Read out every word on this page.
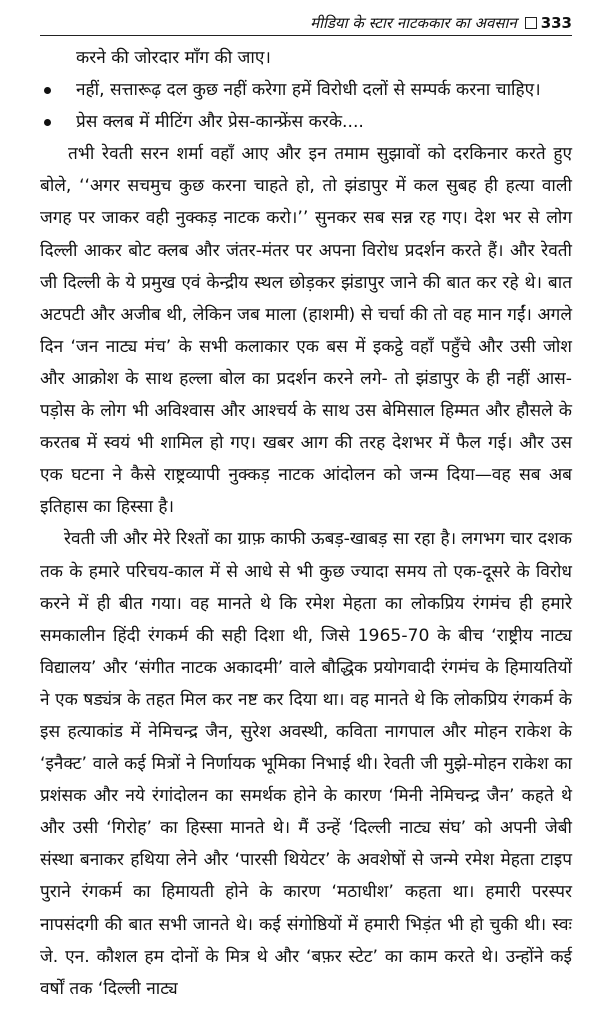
मीडिया के स्टार नाटककार का अवसान 333
करने की जोरदार माँग की जाए।
नहीं, सत्तारूढ़ दल कुछ नहीं करेगा हमें विरोधी दलों से सम्पर्क करना चाहिए।
प्रेस क्लब में मीटिंग और प्रेस-कान्फ्रेंस करके....

तभी रेवती सरन शर्मा वहाँ आए और इन तमाम सुझावों को दरकिनार करते हुए बोले, ‘‘अगर सचमुच कुछ करना चाहते हो, तो झंडापुर में कल सुबह ही हत्या वाली जगह पर जाकर वही नुक्कड़ नाटक करो।’’ सुनकर सब सन्न रह गए। देश भर से लोग दिल्ली आकर बोट क्लब और जंतर-मंतर पर अपना विरोध प्रदर्शन करते हैं। और रेवती जी दिल्ली के ये प्रमुख एवं केन्द्रीय स्थल छोड़कर झंडापुर जाने की बात कर रहे थे। बात अटपटी और अजीब थी, लेकिन जब माला (हाशमी) से चर्चा की तो वह मान गईं। अगले दिन ‘जन नाट्य मंच’ के सभी कलाकार एक बस में इकट्ठे वहाँ पहुँचे और उसी जोश और आक्रोश के साथ हल्ला बोल का प्रदर्शन करने लगे- तो झंडापुर के ही नहीं आस-पड़ोस के लोग भी अविश्वास और आश्चर्य के साथ उस बेमिसाल हिम्मत और हौसले के करतब में स्वयं भी शामिल हो गए। खबर आग की तरह देशभर में फैल गई। और उस एक घटना ने कैसे राष्ट्रव्यापी नुक्कड़ नाटक आंदोलन को जन्म दिया—वह सब अब इतिहास का हिस्सा है।

रेवती जी और मेरे रिश्तों का ग्राफ़ काफी ऊबड़-खाबड़ सा रहा है। लगभग चार दशक तक के हमारे परिचय-काल में से आधे से भी कुछ ज्यादा समय तो एक-दूसरे के विरोध करने में ही बीत गया। वह मानते थे कि रमेश मेहता का लोकप्रिय रंगमंच ही हमारे समकालीन हिंदी रंगकर्म की सही दिशा थी, जिसे 1965-70 के बीच ‘राष्ट्रीय नाट्य विद्यालय’ और ‘संगीत नाटक अकादमी’ वाले बौद्धिक प्रयोगवादी रंगमंच के हिमायतियों ने एक षड्यंत्र के तहत मिल कर नष्ट कर दिया था। वह मानते थे कि लोकप्रिय रंगकर्म के इस हत्याकांड में नेमिचन्द्र जैन, सुरेश अवस्थी, कविता नागपाल और मोहन राकेश के ‘इनैक्ट’ वाले कई मित्रों ने निर्णायक भूमिका निभाई थी। रेवती जी मुझे-मोहन राकेश का प्रशंसक और नये रंगांदोलन का समर्थक होने के कारण ‘मिनी नेमिचन्द्र जैन’ कहते थे और उसी ‘गिरोह’ का हिस्सा मानते थे। मैं उन्हें ‘दिल्ली नाट्य संघ’ को अपनी जेबी संस्था बनाकर हथिया लेने और ‘पारसी थियेटर’ के अवशेषों से जन्मे रमेश मेहता टाइप पुराने रंगकर्म का हिमायती होने के कारण ‘मठाधीश’ कहता था। हमारी परस्पर नापसंदगी की बात सभी जानते थे। कई संगोष्ठियों में हमारी भिड़ंत भी हो चुकी थी। स्वः जे. एन. कौशल हम दोनों के मित्र थे और ‘बफ़र स्टेट’ का काम करते थे। उन्होंने कई वर्षों तक ‘दिल्ली नाट्य
